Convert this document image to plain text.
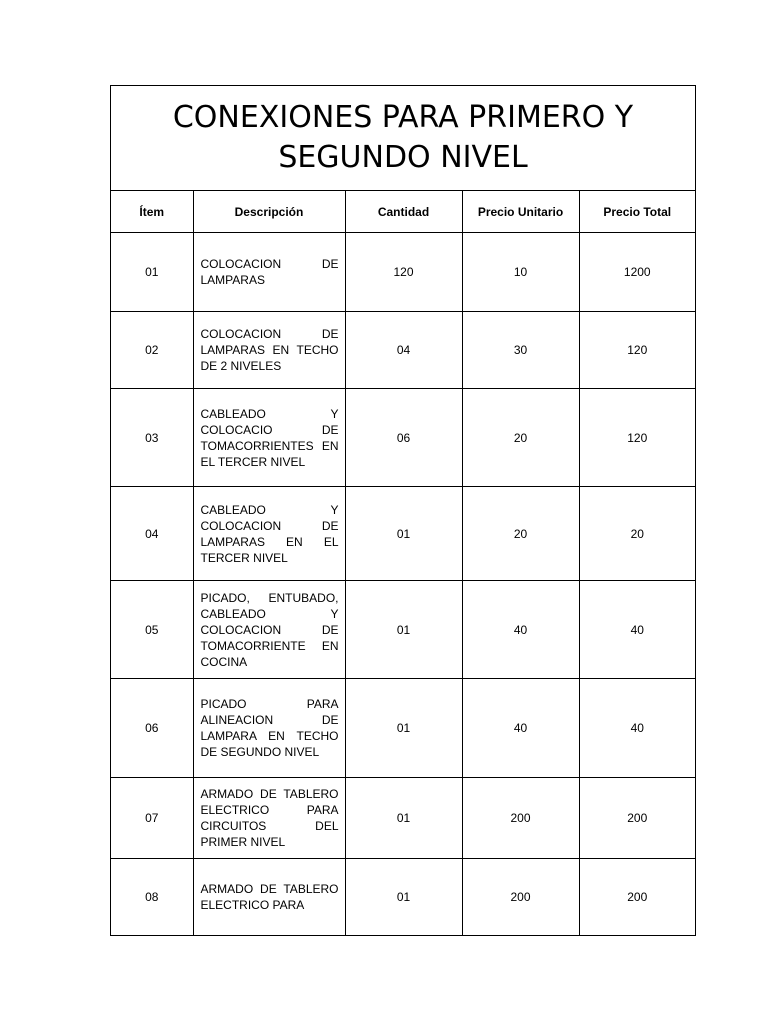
CONEXIONES PARA PRIMERO Y SEGUNDO NIVEL
Ítem	Descripción	Cantidad	Precio Unitario	Precio Total
01	COLOCACION DE LAMPARAS	120	10	1200
02	COLOCACION DE LAMPARAS EN TECHO DE 2 NIVELES	04	30	120
03	CABLEADO Y COLOCACIO DE TOMACORRIENTES EN EL TERCER NIVEL	06	20	120
04	CABLEADO Y COLOCACION DE LAMPARAS EN EL TERCER NIVEL	01	20	20
05	PICADO, ENTUBADO, CABLEADO Y COLOCACION DE TOMACORRIENTE EN COCINA	01	40	40
06	PICADO PARA ALINEACION DE LAMPARA EN TECHO DE SEGUNDO NIVEL	01	40	40
07	ARMADO DE TABLERO ELECTRICO PARA CIRCUITOS DEL PRIMER NIVEL	01	200	200
08	ARMADO DE TABLERO ELECTRICO PARA	01	200	200
